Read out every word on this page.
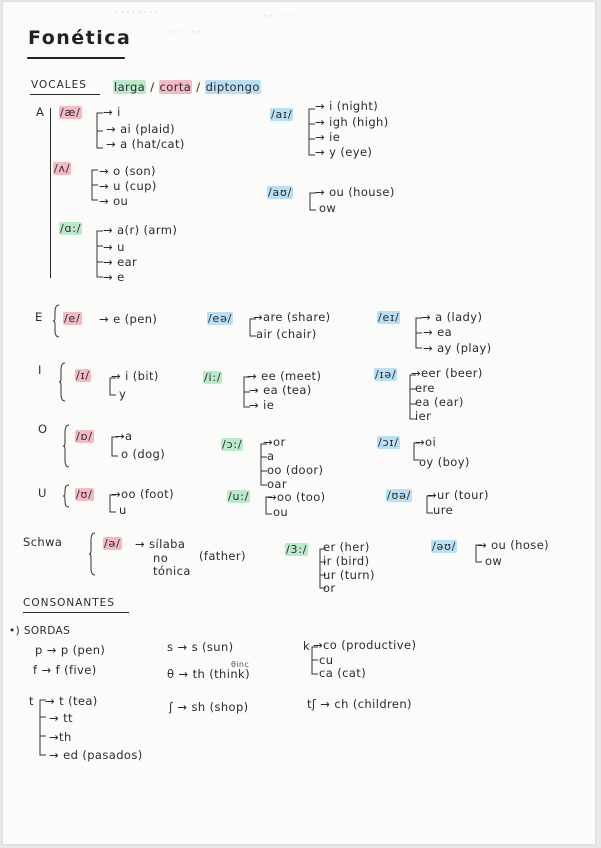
· · · · · · · ·	· · · · · · ·
· · · · · · · ·
Fonética
VOCALES larga / corta / diptongo
A /æ/ → i
→ ai (plaid)
→ a (hat/cat)
/ʌ/ → o (son)
→ u (cup)
→ ou
/ɑ:/ → a(r) (arm)
→ u
→ ear
→ e
/aɪ/
→ i (night)
→ igh (high)
→ ie
→ y (eye)
/aʊ/ → ou (house)
ow
E /e/ → e (pen)	/eə/ →are (share)
air (chair)
/eɪ/ → a (lady)
→ ea
→ ay (play)
I	/ɪ/ → i (bit)
y
/i:/ → ee (meet)
→ ea (tea)
→ ie
/ɪə/ →eer (beer)
ere
ea (ear)
ier
O
/ɒ/ →a
o (dog)
/ɔ:/ →or
a
oo (door)
oar
/ɔɪ/ →oi
oy (boy)
U	/ʊ/ →oo (foot)
u
/u:/ →oo (too)
ou
/ʊə/ →ur (tour)
ure
Schwa	/ə/ → sílaba
no
tónica
(father)	/3:/ er (her)
ir (bird)
ur (turn)
or
/əʊ/ → ou (hose)
ow
CONSONANTES
•) SORDAS
p → p (pen)
f → f (five)
t → t (tea)
→ tt
→th
→ ed (pasados)
s → s (sun)
θinc
θ → th (think)
ʃ → sh (shop)
k →co (productive)
cu
ca (cat)
tʃ → ch (children)
